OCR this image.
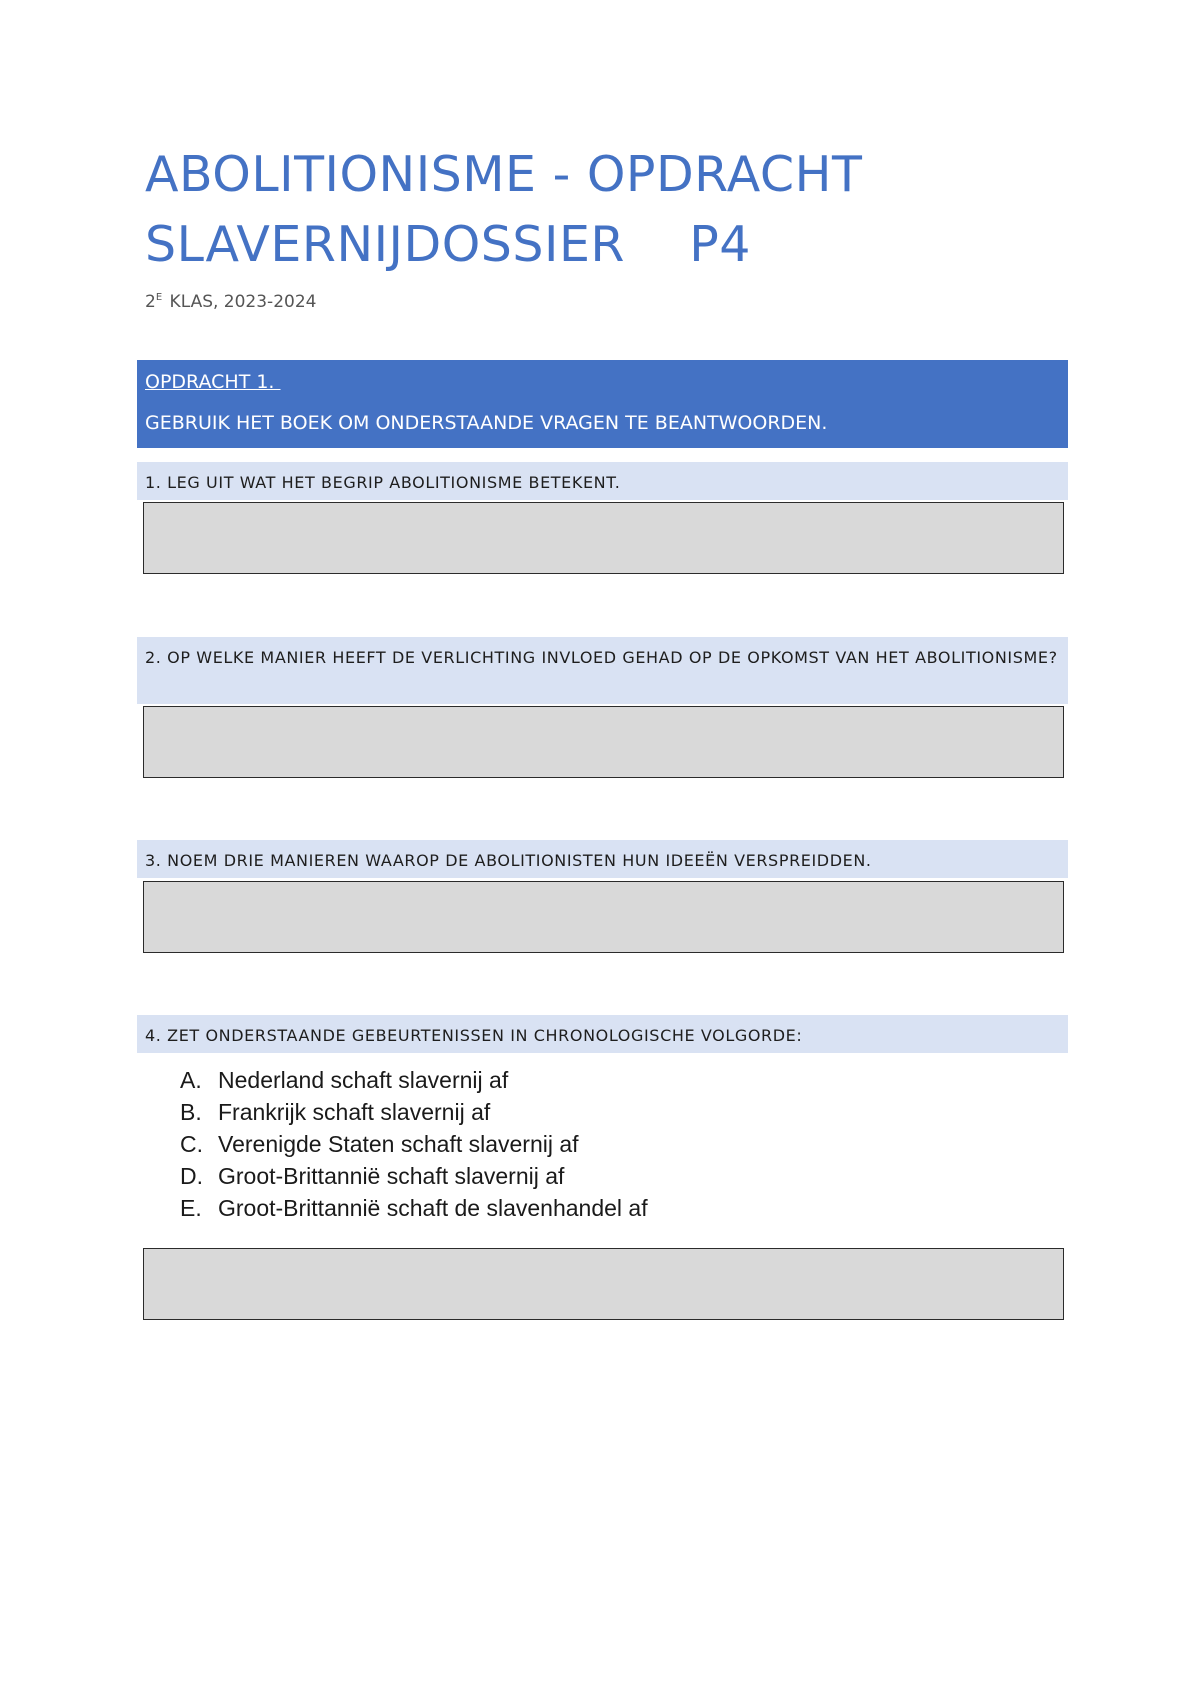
ABOLITIONISME - OPDRACHT
SLAVERNIJDOSSIER    P4
$2^E$ KLAS, 2023-2024
OPDRACHT 1.
GEBRUIK HET BOEK OM ONDERSTAANDE VRAGEN TE BEANTWOORDEN.
1. LEG UIT WAT HET BEGRIP ABOLITIONISME BETEKENT.
2. OP WELKE MANIER HEEFT DE VERLICHTING INVLOED GEHAD OP DE OPKOMST VAN HET ABOLITIONISME?
3. NOEM DRIE MANIEREN WAAROP DE ABOLITIONISTEN HUN IDEEËN VERSPREIDDEN.
4. ZET ONDERSTAANDE GEBEURTENISSEN IN CHRONOLOGISCHE VOLGORDE:
A. Nederland schaft slavernij af
B. Frankrijk schaft slavernij af
C. Verenigde Staten schaft slavernij af
D. Groot-Brittannië schaft slavernij af
E. Groot-Brittannië schaft de slavenhandel af
